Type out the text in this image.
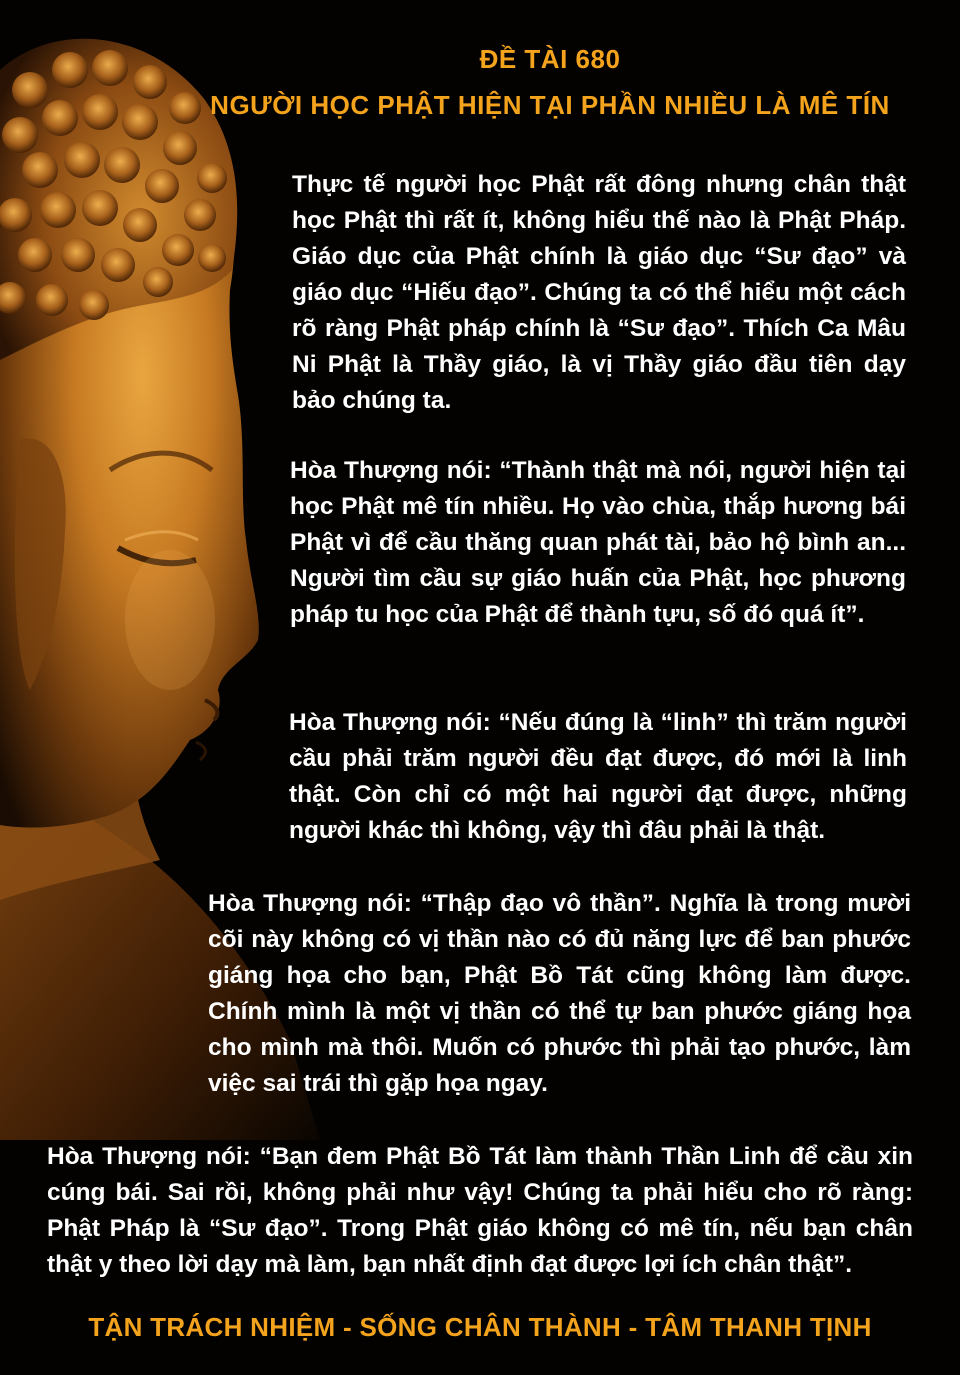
ĐỀ TÀI 680
NGƯỜI HỌC PHẬT HIỆN TẠI PHẦN NHIỀU LÀ MÊ TÍN

Thực tế người học Phật rất đông nhưng chân thật học Phật thì rất ít, không hiểu thế nào là Phật Pháp. Giáo dục của Phật chính là giáo dục “Sư đạo” và giáo dục “Hiếu đạo”. Chúng ta có thể hiểu một cách rõ ràng Phật pháp chính là “Sư đạo”. Thích Ca Mâu Ni Phật là Thầy giáo, là vị Thầy giáo đầu tiên dạy bảo chúng ta.

Hòa Thượng nói: “Thành thật mà nói, người hiện tại học Phật mê tín nhiều. Họ vào chùa, thắp hương bái Phật vì để cầu thăng quan phát tài, bảo hộ bình an... Người tìm cầu sự giáo huấn của Phật, học phương pháp tu học của Phật để thành tựu, số đó quá ít”.

Hòa Thượng nói: “Nếu đúng là “linh” thì trăm người cầu phải trăm người đều đạt được, đó mới là linh thật. Còn chỉ có một hai người đạt được, những người khác thì không, vậy thì đâu phải là thật.

Hòa Thượng nói: “Thập đạo vô thần”. Nghĩa là trong mười cõi này không có vị thần nào có đủ năng lực để ban phước giáng họa cho bạn, Phật Bồ Tát cũng không làm được. Chính mình là một vị thần có thể tự ban phước giáng họa cho mình mà thôi. Muốn có phước thì phải tạo phước, làm việc sai trái thì gặp họa ngay.

Hòa Thượng nói: “Bạn đem Phật Bồ Tát làm thành Thần Linh để cầu xin cúng bái. Sai rồi, không phải như vậy! Chúng ta phải hiểu cho rõ ràng: Phật Pháp là “Sư đạo”. Trong Phật giáo không có mê tín, nếu bạn chân thật y theo lời dạy mà làm, bạn nhất định đạt được lợi ích chân thật”.

TẬN TRÁCH NHIỆM - SỐNG CHÂN THÀNH - TÂM THANH TỊNH
